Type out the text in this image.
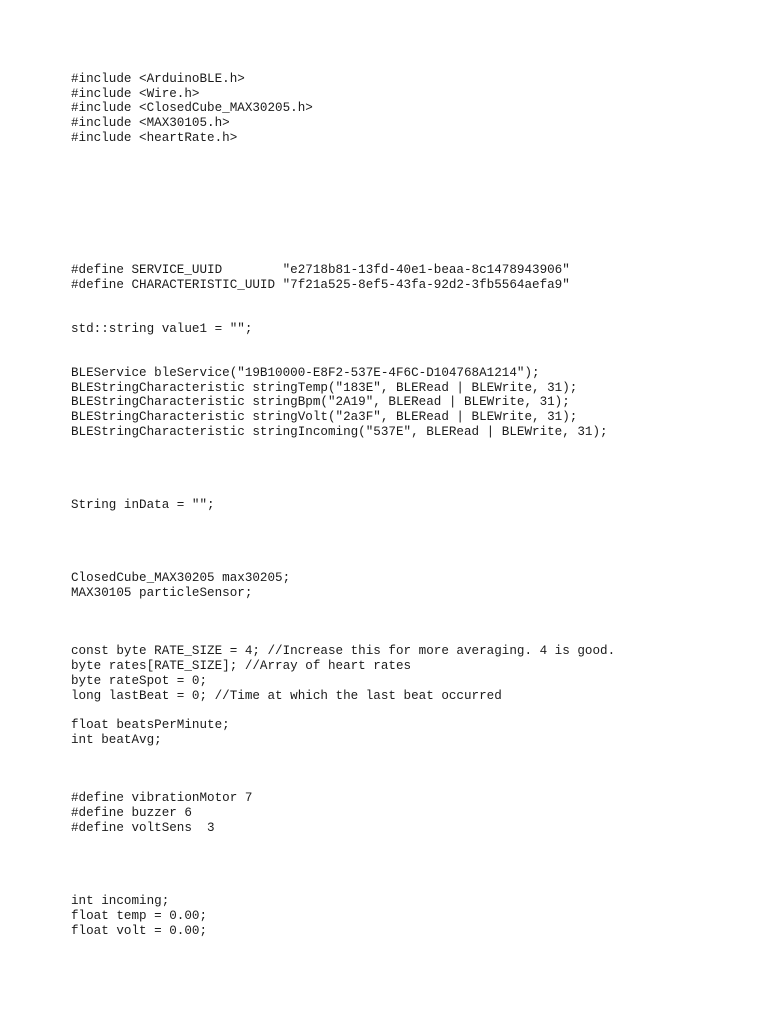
#include <ArduinoBLE.h>
#include <Wire.h>
#include <ClosedCube_MAX30205.h>
#include <MAX30105.h>
#include <heartRate.h>
#define SERVICE_UUID        "e2718b81-13fd-40e1-beaa-8c1478943906"
#define CHARACTERISTIC_UUID "7f21a525-8ef5-43fa-92d2-3fb5564aefa9"
std::string value1 = "";
BLEService bleService("19B10000-E8F2-537E-4F6C-D104768A1214");
BLEStringCharacteristic stringTemp("183E", BLERead | BLEWrite, 31);
BLEStringCharacteristic stringBpm("2A19", BLERead | BLEWrite, 31);
BLEStringCharacteristic stringVolt("2a3F", BLERead | BLEWrite, 31);
BLEStringCharacteristic stringIncoming("537E", BLERead | BLEWrite, 31);
String inData = "";
ClosedCube_MAX30205 max30205;
MAX30105 particleSensor;
const byte RATE_SIZE = 4; //Increase this for more averaging. 4 is good.
byte rates[RATE_SIZE]; //Array of heart rates
byte rateSpot = 0;
long lastBeat = 0; //Time at which the last beat occurred
float beatsPerMinute;
int beatAvg;
#define vibrationMotor 7
#define buzzer 6
#define voltSens  3
int incoming;
float temp = 0.00;
float volt = 0.00;
